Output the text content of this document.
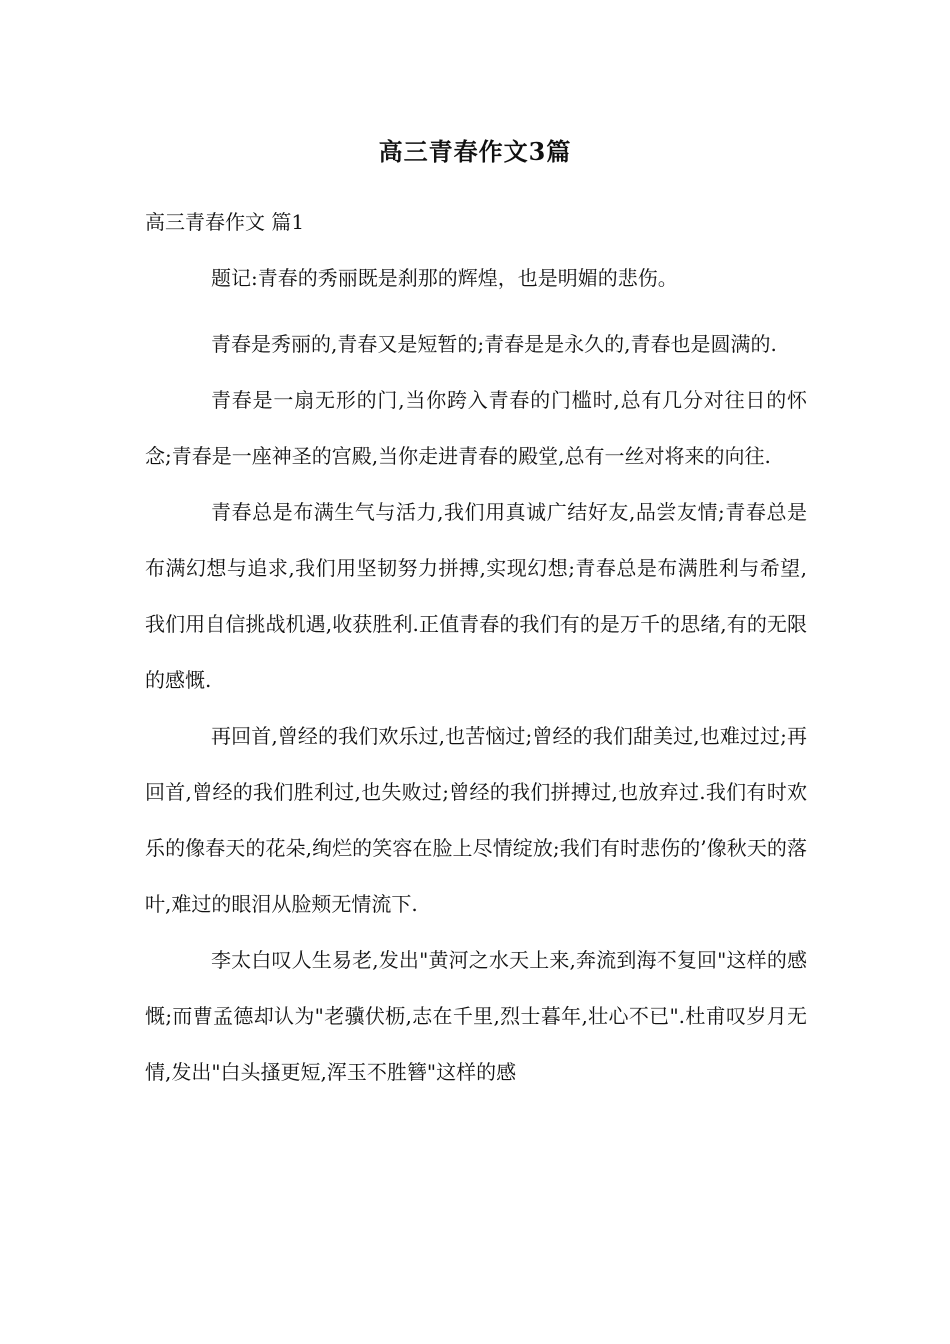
高三青春作文3篇
高三青春作文 篇1

题记:青春的秀丽既是刹那的辉煌，也是明媚的悲伤。

青春是秀丽的,青春又是短暂的;青春是是永久的,青春也是圆满的.

青春是一扇无形的门,当你跨入青春的门槛时,总有几分对往日的怀念;青春是一座神圣的宫殿,当你走进青春的殿堂,总有一丝对将来的向往.

青春总是布满生气与活力,我们用真诚广结好友,品尝友情;青春总是布满幻想与追求,我们用坚韧努力拼搏,实现幻想;青春总是布满胜利与希望,我们用自信挑战机遇,收获胜利.正值青春的我们有的是万千的思绪,有的无限的感慨.

再回首,曾经的我们欢乐过,也苦恼过;曾经的我们甜美过,也难过过;再回首,曾经的我们胜利过,也失败过;曾经的我们拼搏过,也放弃过.我们有时欢乐的像春天的花朵,绚烂的笑容在脸上尽情绽放;我们有时悲伤的’像秋天的落叶,难过的眼泪从脸颊无情流下.

李太白叹人生易老,发出"黄河之水天上来,奔流到海不复回"这样的感慨;而曹孟德却认为"老骥伏枥,志在千里,烈士暮年,壮心不已".杜甫叹岁月无情,发出"白头搔更短,浑玉不胜簪"这样的感
